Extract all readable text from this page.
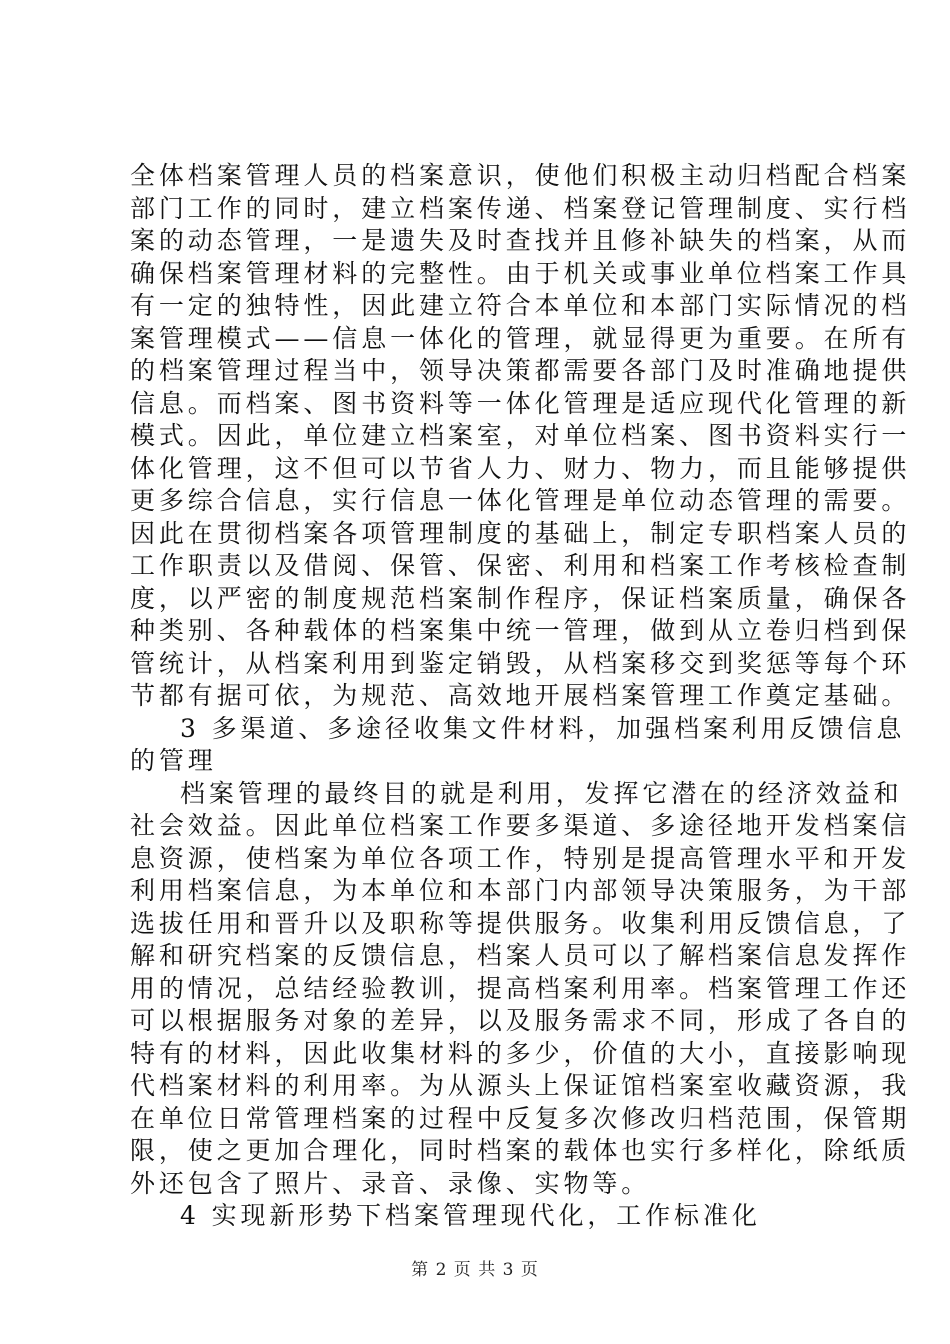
全体档案管理人员的档案意识，使他们积极主动归档配合档案
部门工作的同时，建立档案传递、档案登记管理制度、实行档
案的动态管理，一是遗失及时查找并且修补缺失的档案，从而
确保档案管理材料的完整性。由于机关或事业单位档案工作具
有一定的独特性，因此建立符合本单位和本部门实际情况的档
案管理模式——信息一体化的管理，就显得更为重要。在所有
的档案管理过程当中，领导决策都需要各部门及时准确地提供
信息。而档案、图书资料等一体化管理是适应现代化管理的新
模式。因此，单位建立档案室，对单位档案、图书资料实行一
体化管理，这不但可以节省人力、财力、物力，而且能够提供
更多综合信息，实行信息一体化管理是单位动态管理的需要。
因此在贯彻档案各项管理制度的基础上，制定专职档案人员的
工作职责以及借阅、保管、保密、利用和档案工作考核检查制
度，以严密的制度规范档案制作程序，保证档案质量，确保各
种类别、各种载体的档案集中统一管理，做到从立卷归档到保
管统计，从档案利用到鉴定销毁，从档案移交到奖惩等每个环
节都有据可依，为规范、高效地开展档案管理工作奠定基础。
3 多渠道、多途径收集文件材料，加强档案利用反馈信息
的管理
档案管理的最终目的就是利用，发挥它潜在的经济效益和
社会效益。因此单位档案工作要多渠道、多途径地开发档案信
息资源，使档案为单位各项工作，特别是提高管理水平和开发
利用档案信息，为本单位和本部门内部领导决策服务，为干部
选拔任用和晋升以及职称等提供服务。收集利用反馈信息，了
解和研究档案的反馈信息，档案人员可以了解档案信息发挥作
用的情况，总结经验教训，提高档案利用率。档案管理工作还
可以根据服务对象的差异，以及服务需求不同，形成了各自的
特有的材料，因此收集材料的多少，价值的大小，直接影响现
代档案材料的利用率。为从源头上保证馆档案室收藏资源，我
在单位日常管理档案的过程中反复多次修改归档范围，保管期
限，使之更加合理化，同时档案的载体也实行多样化，除纸质
外还包含了照片、录音、录像、实物等。
4 实现新形势下档案管理现代化，工作标准化
第 2 页 共 3 页
